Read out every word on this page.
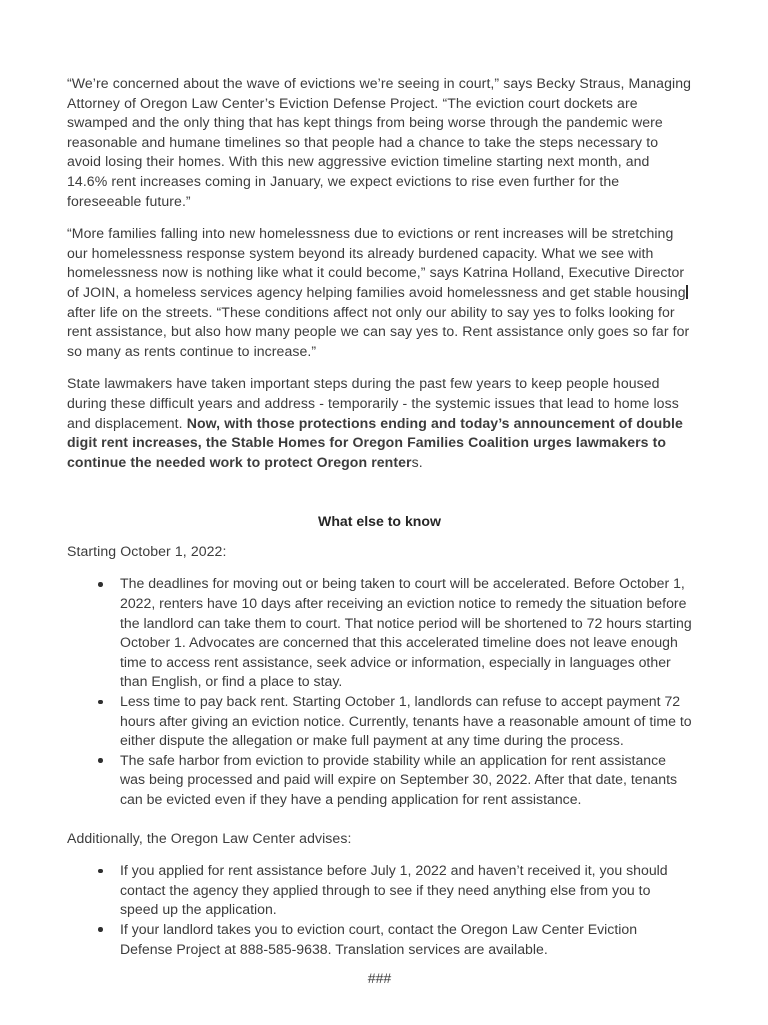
“We’re concerned about the wave of evictions we’re seeing in court,” says Becky Straus, Managing Attorney of Oregon Law Center’s Eviction Defense Project. “The eviction court dockets are swamped and the only thing that has kept things from being worse through the pandemic were reasonable and humane timelines so that people had a chance to take the steps necessary to avoid losing their homes. With this new aggressive eviction timeline starting next month, and 14.6% rent increases coming in January, we expect evictions to rise even further for the foreseeable future.”

“More families falling into new homelessness due to evictions or rent increases will be stretching our homelessness response system beyond its already burdened capacity. What we see with homelessness now is nothing like what it could become,” says Katrina Holland, Executive Director of JOIN, a homeless services agency helping families avoid homelessness and get stable housingafter life on the streets. “These conditions affect not only our ability to say yes to folks looking for rent assistance, but also how many people we can say yes to. Rent assistance only goes so far for so many as rents continue to increase.”

State lawmakers have taken important steps during the past few years to keep people housed during these difficult years and address - temporarily - the systemic issues that lead to home loss and displacement. Now, with those protections ending and today’s announcement of double digit rent increases, the Stable Homes for Oregon Families Coalition urges lawmakers to continue the needed work to protect Oregon renters.

What else to know

Starting October 1, 2022:

The deadlines for moving out or being taken to court will be accelerated. Before October 1, 2022, renters have 10 days after receiving an eviction notice to remedy the situation before the landlord can take them to court. That notice period will be shortened to 72 hours starting October 1. Advocates are concerned that this accelerated timeline does not leave enough time to access rent assistance, seek advice or information, especially in languages other than English, or find a place to stay.
Less time to pay back rent. Starting October 1, landlords can refuse to accept payment 72 hours after giving an eviction notice. Currently, tenants have a reasonable amount of time to either dispute the allegation or make full payment at any time during the process.
The safe harbor from eviction to provide stability while an application for rent assistance was being processed and paid will expire on September 30, 2022. After that date, tenants can be evicted even if they have a pending application for rent assistance.

Additionally, the Oregon Law Center advises:

If you applied for rent assistance before July 1, 2022 and haven’t received it, you should contact the agency they applied through to see if they need anything else from you to speed up the application.
If your landlord takes you to eviction court, contact the Oregon Law Center Eviction Defense Project at 888-585-9638. Translation services are available.

###
